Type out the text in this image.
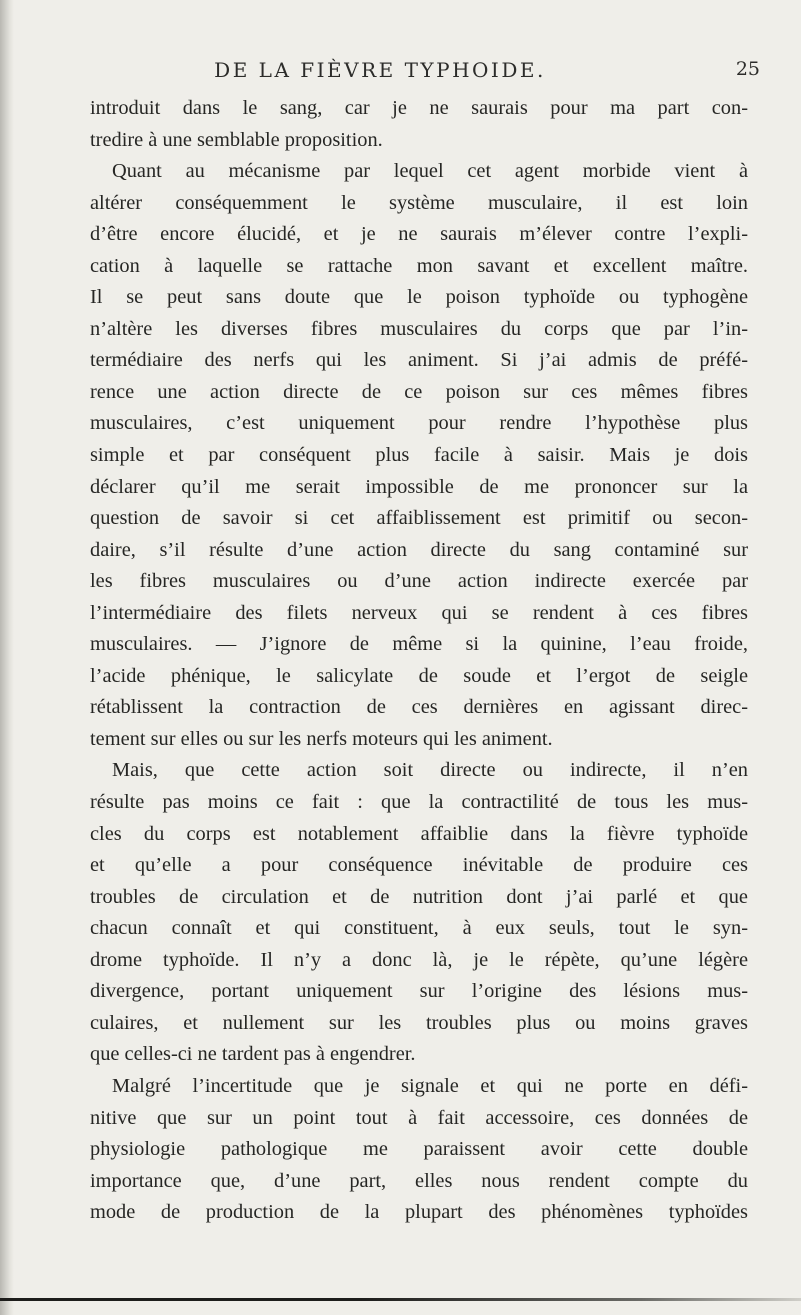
DE LA FIÈVRE TYPHOIDE.	25
introduit dans le sang, car je ne saurais pour ma part con-
tredire à une semblable proposition.
Quant au mécanisme par lequel cet agent morbide vient à
altérer conséquemment le système musculaire, il est loin
d’être encore élucidé, et je ne saurais m’élever contre l’expli-
cation à laquelle se rattache mon savant et excellent maître.
Il se peut sans doute que le poison typhoïde ou typhogène
n’altère les diverses fibres musculaires du corps que par l’in-
termédiaire des nerfs qui les animent. Si j’ai admis de préfé-
rence une action directe de ce poison sur ces mêmes fibres
musculaires, c’est uniquement pour rendre l’hypothèse plus
simple et par conséquent plus facile à saisir. Mais je dois
déclarer qu’il me serait impossible de me prononcer sur la
question de savoir si cet affaiblissement est primitif ou secon-
daire, s’il résulte d’une action directe du sang contaminé sur
les fibres musculaires ou d’une action indirecte exercée par
l’intermédiaire des filets nerveux qui se rendent à ces fibres
musculaires. — J’ignore de même si la quinine, l’eau froide,
l’acide phénique, le salicylate de soude et l’ergot de seigle
rétablissent la contraction de ces dernières en agissant direc-
tement sur elles ou sur les nerfs moteurs qui les animent.
Mais, que cette action soit directe ou indirecte, il n’en
résulte pas moins ce fait : que la contractilité de tous les mus-
cles du corps est notablement affaiblie dans la fièvre typhoïde
et qu’elle a pour conséquence inévitable de produire ces
troubles de circulation et de nutrition dont j’ai parlé et que
chacun connaît et qui constituent, à eux seuls, tout le syn-
drome typhoïde. Il n’y a donc là, je le répète, qu’une légère
divergence, portant uniquement sur l’origine des lésions mus-
culaires, et nullement sur les troubles plus ou moins graves
que celles-ci ne tardent pas à engendrer.
Malgré l’incertitude que je signale et qui ne porte en défi-
nitive que sur un point tout à fait accessoire, ces données de
physiologie pathologique me paraissent avoir cette double
importance que, d’une part, elles nous rendent compte du
mode de production de la plupart des phénomènes typhoïdes
